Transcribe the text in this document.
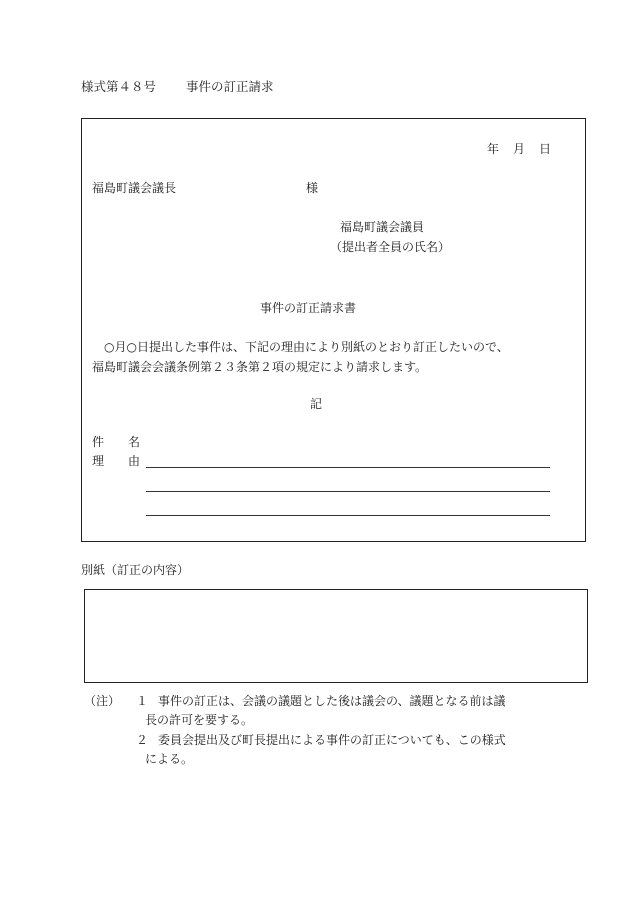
様式第４８号 事件の訂正請求
年　月　日
福島町議会議長	様
福島町議会議員
（提出者全員の氏名）
事件の訂正請求書
○月○日提出した事件は、下記の理由により別紙のとおり訂正したいので、
福島町議会会議条例第２３条第２項の規定により請求します。
記
件　　名
理　　由
別紙（訂正の内容）
（注） １ 事件の訂正は、会議の議題とした後は議会の、議題となる前は議
長の許可を要する。
２ 委員会提出及び町長提出による事件の訂正についても、この様式
による。
